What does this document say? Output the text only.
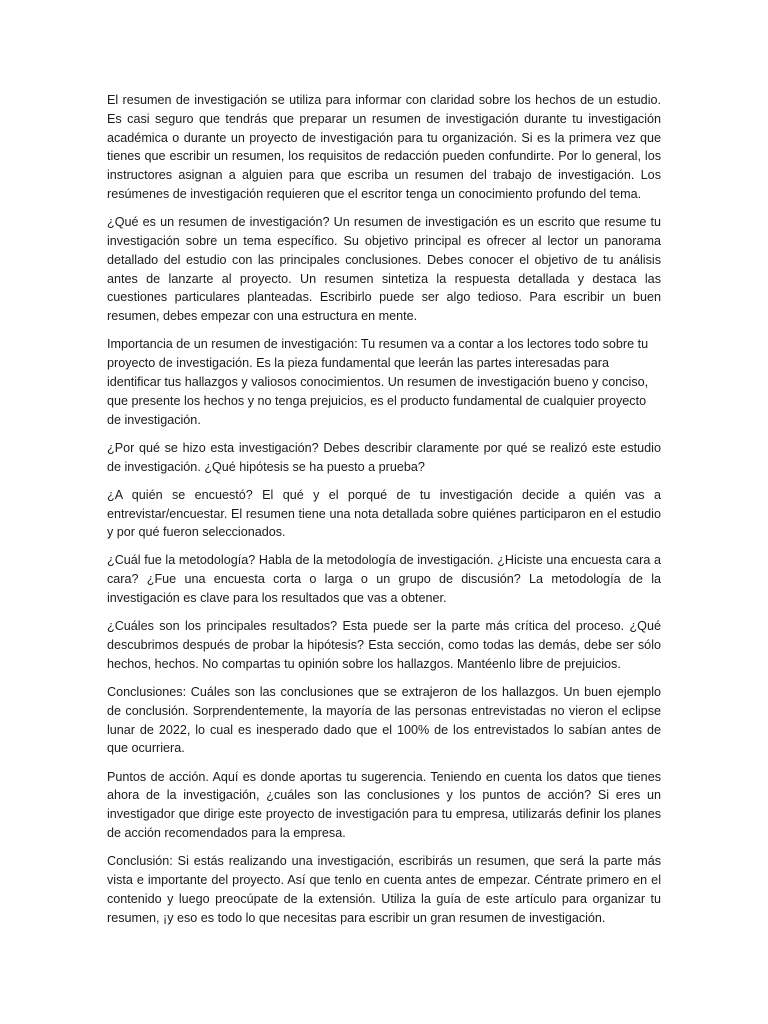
El resumen de investigación se utiliza para informar con claridad sobre los hechos de un estudio. Es casi seguro que tendrás que preparar un resumen de investigación durante tu investigación académica o durante un proyecto de investigación para tu organización. Si es la primera vez que tienes que escribir un resumen, los requisitos de redacción pueden confundirte. Por lo general, los instructores asignan a alguien para que escriba un resumen del trabajo de investigación. Los resúmenes de investigación requieren que el escritor tenga un conocimiento profundo del tema.

¿Qué es un resumen de investigación? Un resumen de investigación es un escrito que resume tu investigación sobre un tema específico. Su objetivo principal es ofrecer al lector un panorama detallado del estudio con las principales conclusiones. Debes conocer el objetivo de tu análisis antes de lanzarte al proyecto. Un resumen sintetiza la respuesta detallada y destaca las cuestiones particulares planteadas. Escribirlo puede ser algo tedioso. Para escribir un buen resumen, debes empezar con una estructura en mente.

Importancia de un resumen de investigación: Tu resumen va a contar a los lectores todo sobre tu proyecto de investigación. Es la pieza fundamental que leerán las partes interesadas para identificar tus hallazgos y valiosos conocimientos. Un resumen de investigación bueno y conciso, que presente los hechos y no tenga prejuicios, es el producto fundamental de cualquier proyecto de investigación.

¿Por qué se hizo esta investigación? Debes describir claramente por qué se realizó este estudio de investigación. ¿Qué hipótesis se ha puesto a prueba?

¿A quién se encuestó? El qué y el porqué de tu investigación decide a quién vas a entrevistar/encuestar. El resumen tiene una nota detallada sobre quiénes participaron en el estudio y por qué fueron seleccionados.

¿Cuál fue la metodología? Habla de la metodología de investigación. ¿Hiciste una encuesta cara a cara? ¿Fue una encuesta corta o larga o un grupo de discusión? La metodología de la investigación es clave para los resultados que vas a obtener.

¿Cuáles son los principales resultados? Esta puede ser la parte más crítica del proceso. ¿Qué descubrimos después de probar la hipótesis? Esta sección, como todas las demás, debe ser sólo hechos, hechos. No compartas tu opinión sobre los hallazgos. Mantéenlo libre de prejuicios.

Conclusiones: Cuáles son las conclusiones que se extrajeron de los hallazgos. Un buen ejemplo de conclusión. Sorprendentemente, la mayoría de las personas entrevistadas no vieron el eclipse lunar de 2022, lo cual es inesperado dado que el 100% de los entrevistados lo sabían antes de que ocurriera.

Puntos de acción. Aquí es donde aportas tu sugerencia. Teniendo en cuenta los datos que tienes ahora de la investigación, ¿cuáles son las conclusiones y los puntos de acción? Si eres un investigador que dirige este proyecto de investigación para tu empresa, utilizarás definir los planes de acción recomendados para la empresa.

Conclusión: Si estás realizando una investigación, escribirás un resumen, que será la parte más vista e importante del proyecto. Así que tenlo en cuenta antes de empezar. Céntrate primero en el contenido y luego preocúpate de la extensión. Utiliza la guía de este artículo para organizar tu resumen, ¡y eso es todo lo que necesitas para escribir un gran resumen de investigación.
